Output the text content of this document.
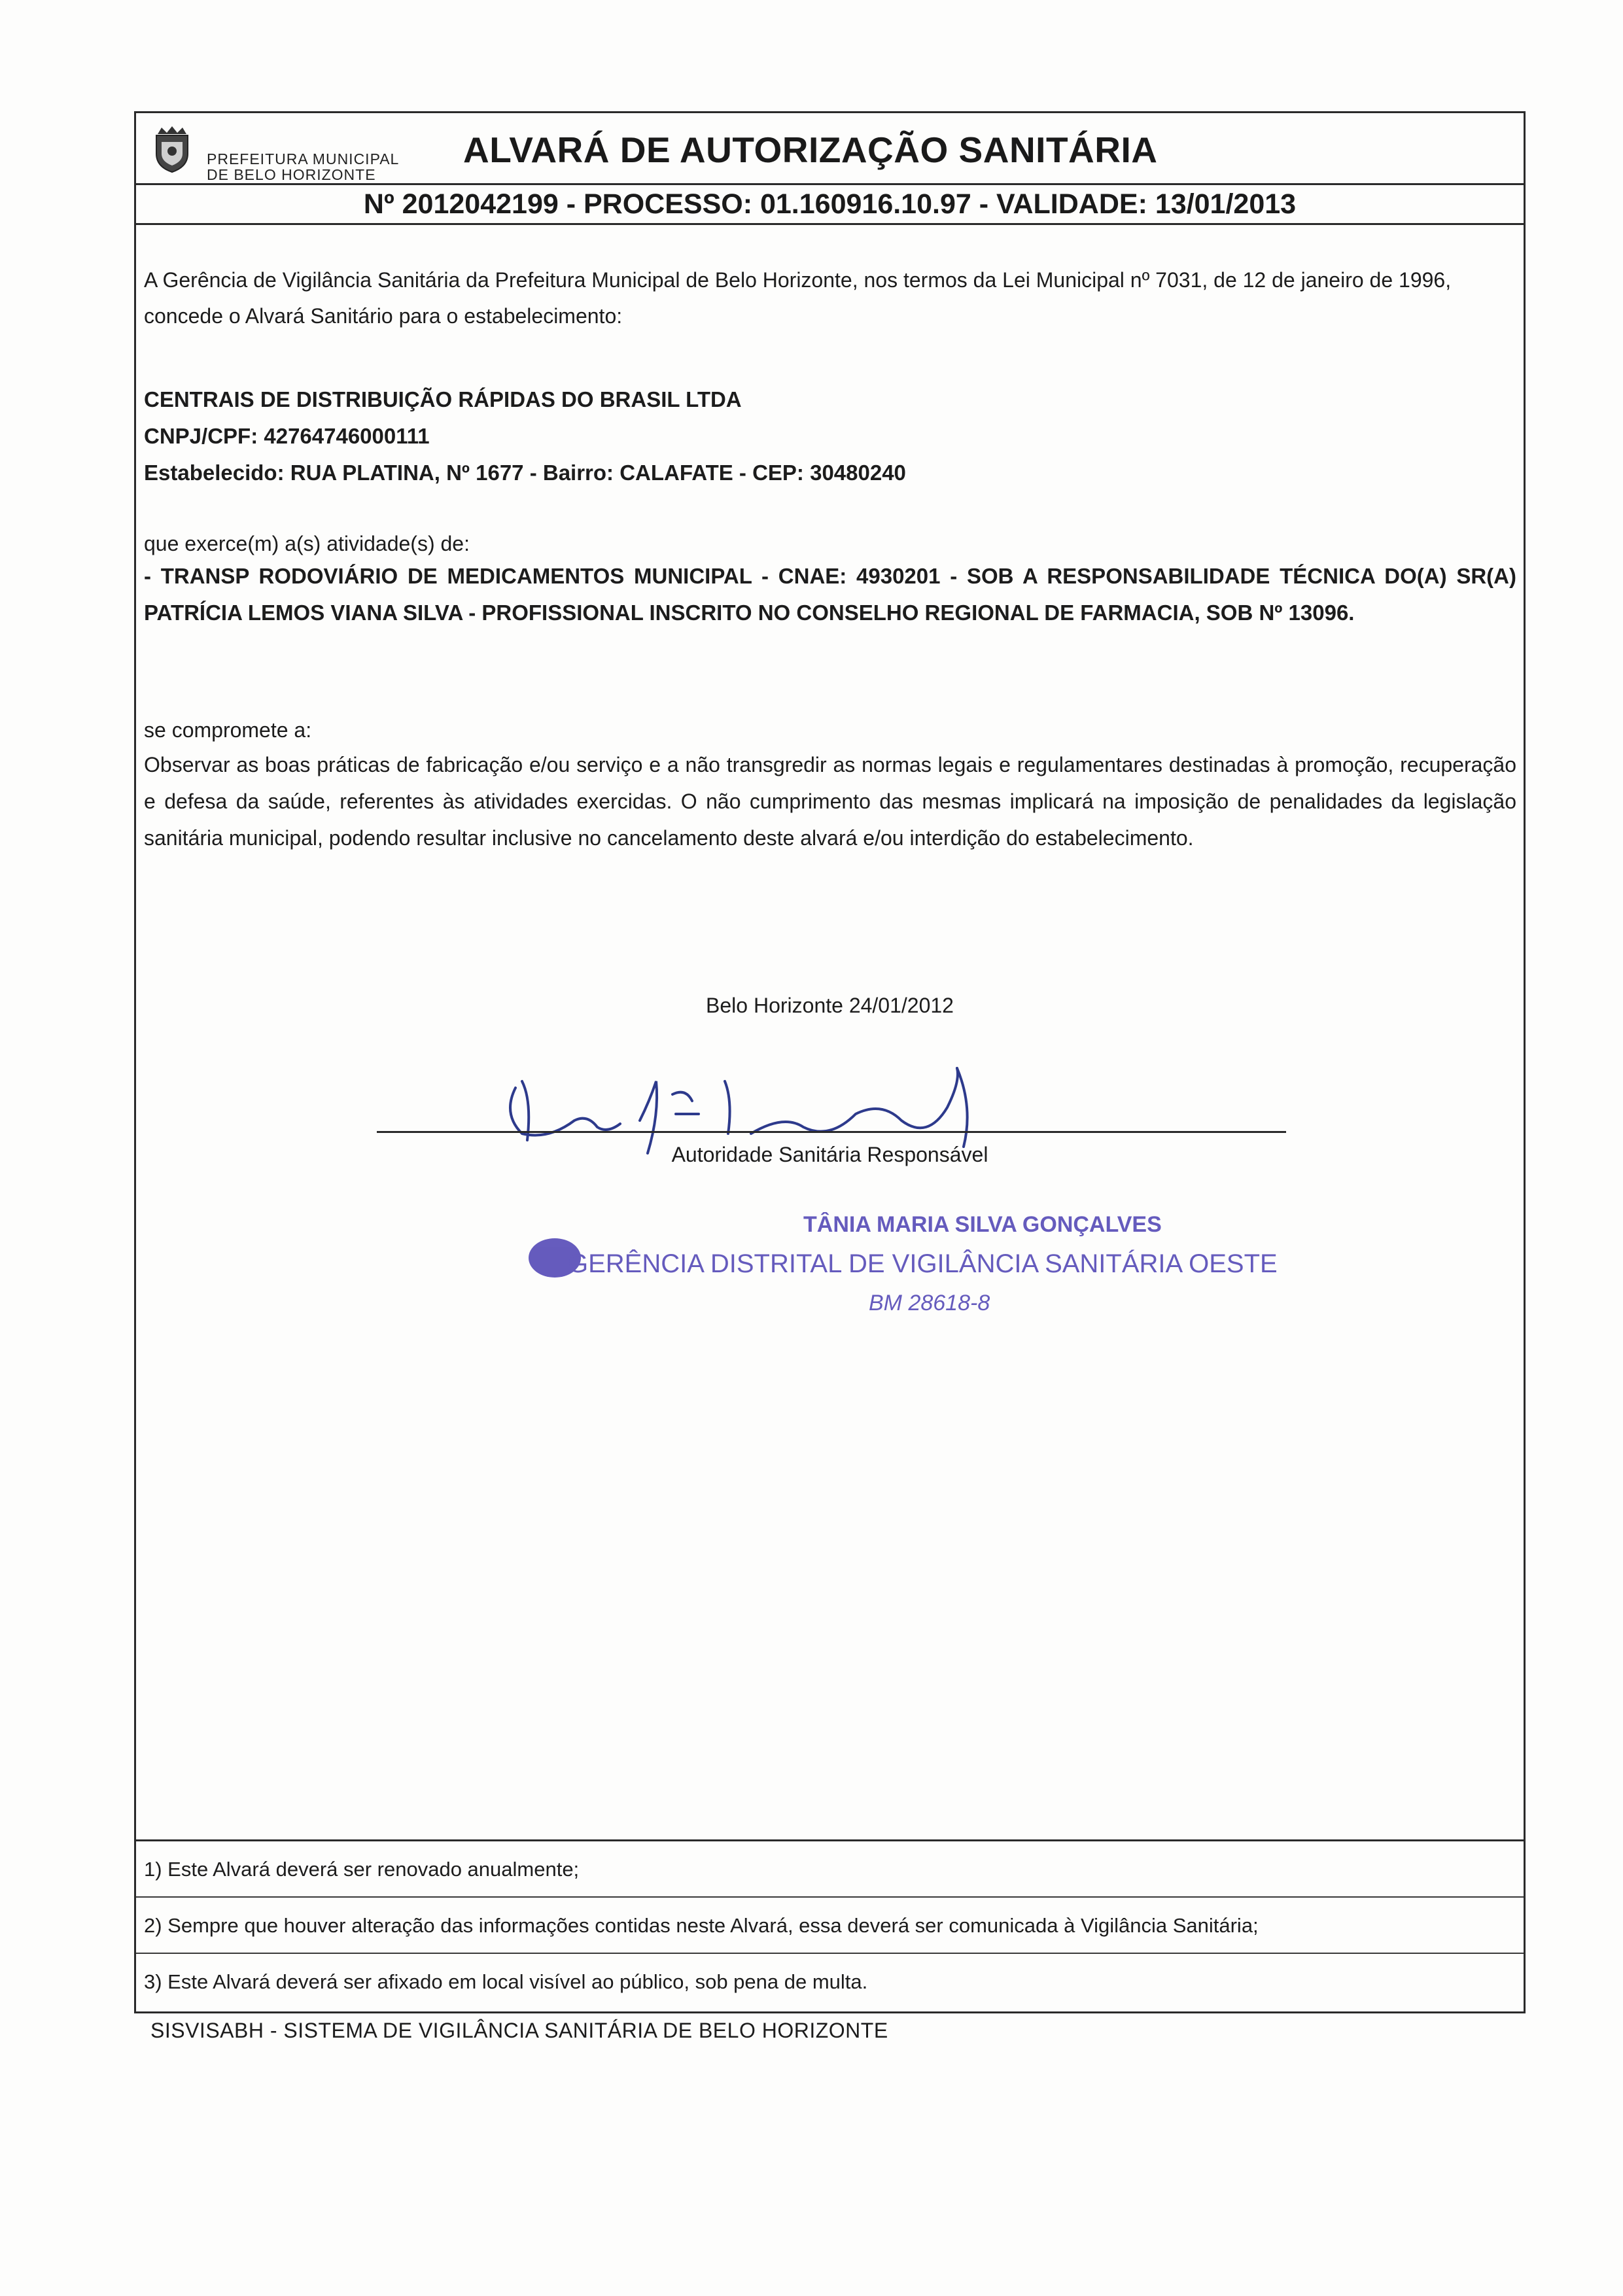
PREFEITURA MUNICIPAL
DE BELO HORIZONTE
ALVARÁ DE AUTORIZAÇÃO SANITÁRIA
Nº 2012042199 - PROCESSO: 01.160916.10.97 - VALIDADE: 13/01/2013
A Gerência de Vigilância Sanitária da Prefeitura Municipal de Belo Horizonte, nos termos da Lei Municipal nº 7031, de 12 de janeiro de 1996, concede o Alvará Sanitário para o estabelecimento:
CENTRAIS DE DISTRIBUIÇÃO RÁPIDAS DO BRASIL LTDA
CNPJ/CPF: 42764746000111
Estabelecido: RUA PLATINA, Nº 1677 - Bairro: CALAFATE - CEP: 30480240
que exerce(m) a(s) atividade(s) de:
- TRANSP RODOVIÁRIO DE MEDICAMENTOS MUNICIPAL - CNAE: 4930201 - SOB A RESPONSABILIDADE TÉCNICA DO(A) SR(A) PATRÍCIA LEMOS VIANA SILVA - PROFISSIONAL INSCRITO NO CONSELHO REGIONAL DE FARMACIA, SOB Nº 13096.
se compromete a:
Observar as boas práticas de fabricação e/ou serviço e a não transgredir as normas legais e regulamentares destinadas à promoção, recuperação e defesa da saúde, referentes às atividades exercidas. O não cumprimento das mesmas implicará na imposição de penalidades da legislação sanitária municipal, podendo resultar inclusive no cancelamento deste alvará e/ou interdição do estabelecimento.
Belo Horizonte 24/01/2012
Autoridade Sanitária Responsável
TÂNIA MARIA SILVA GONÇALVES
GERÊNCIA DISTRITAL DE VIGILÂNCIA SANITÁRIA OESTE
BM 28618-8
1) Este Alvará deverá ser renovado anualmente;
2) Sempre que houver alteração das informações contidas neste Alvará, essa deverá ser comunicada à Vigilância Sanitária;
3) Este Alvará deverá ser afixado em local visível ao público, sob pena de multa.
SISVISABH - SISTEMA DE VIGILÂNCIA SANITÁRIA DE BELO HORIZONTE
